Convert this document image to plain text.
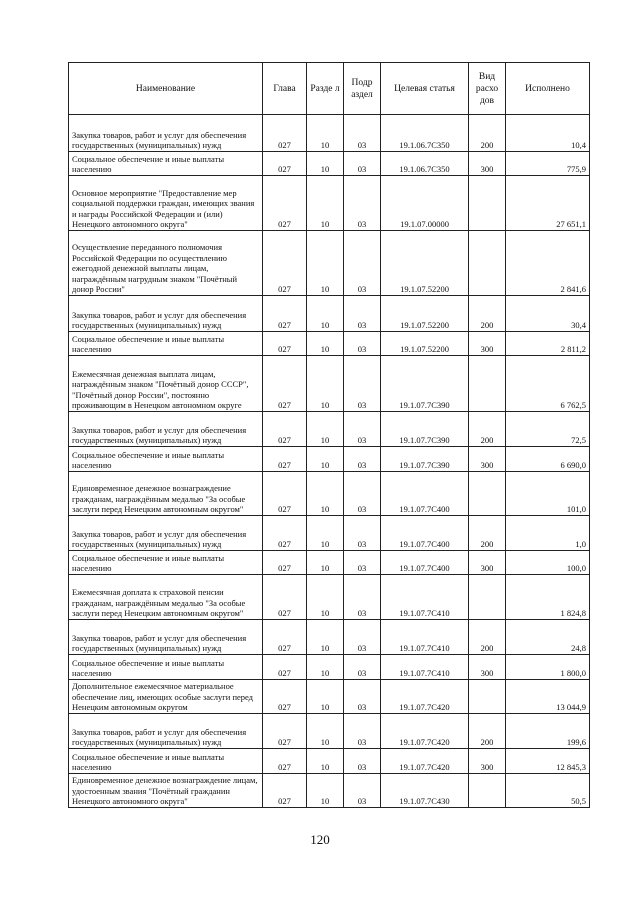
Наименование	Глава	Разде л	Подр аздел	Целевая статья	Вид расхо дов	Исполнено
Закупка товаров, работ и услуг для обеспечения государственных (муниципальных) нужд	027	10	03	19.1.06.7С350	200	10,4
Социальное обеспечение и иные выплаты населению	027	10	03	19.1.06.7С350	300	775,9
Основное мероприятие "Предоставление мер социальной поддержки граждан, имеющих звания и награды Российской Федерации и (или) Ненецкого автономного округа"	027	10	03	19.1.07.00000		27 651,1
Осуществление переданного полномочия Российской Федерации по осуществлению ежегодной денежной выплаты лицам, награждённым нагрудным знаком "Почётный донор России"	027	10	03	19.1.07.52200		2 841,6
Закупка товаров, работ и услуг для обеспечения государственных (муниципальных) нужд	027	10	03	19.1.07.52200	200	30,4
Социальное обеспечение и иные выплаты населению	027	10	03	19.1.07.52200	300	2 811,2
Ежемесячная денежная выплата лицам, награждённым знаком "Почётный донор СССР", "Почётный донор России", постоянно проживающим в Ненецком автономном округе	027	10	03	19.1.07.7С390		6 762,5
Закупка товаров, работ и услуг для обеспечения государственных (муниципальных) нужд	027	10	03	19.1.07.7С390	200	72,5
Социальное обеспечение и иные выплаты населению	027	10	03	19.1.07.7С390	300	6 690,0
Единовременное денежное вознаграждение гражданам, награждённым медалью "За особые заслуги перед Ненецким автономным округом"	027	10	03	19.1.07.7С400		101,0
Закупка товаров, работ и услуг для обеспечения государственных (муниципальных) нужд	027	10	03	19.1.07.7С400	200	1,0
Социальное обеспечение и иные выплаты населению	027	10	03	19.1.07.7С400	300	100,0
Ежемесячная доплата к страховой пенсии гражданам, награждённым медалью "За особые заслуги перед Ненецким автономным округом"	027	10	03	19.1.07.7С410		1 824,8
Закупка товаров, работ и услуг для обеспечения государственных (муниципальных) нужд	027	10	03	19.1.07.7С410	200	24,8
Социальное обеспечение и иные выплаты населению	027	10	03	19.1.07.7С410	300	1 800,0
Дополнительное ежемесячное материальное обеспечение лиц, имеющих особые заслуги перед Ненецким автономным округом	027	10	03	19.1.07.7С420		13 044,9
Закупка товаров, работ и услуг для обеспечения государственных (муниципальных) нужд	027	10	03	19.1.07.7С420	200	199,6
Социальное обеспечение и иные выплаты населению	027	10	03	19.1.07.7С420	300	12 845,3
Единовременное денежное вознаграждение лицам, удостоенным звания "Почётный гражданин Ненецкого автономного округа"	027	10	03	19.1.07.7С430		50,5
120
